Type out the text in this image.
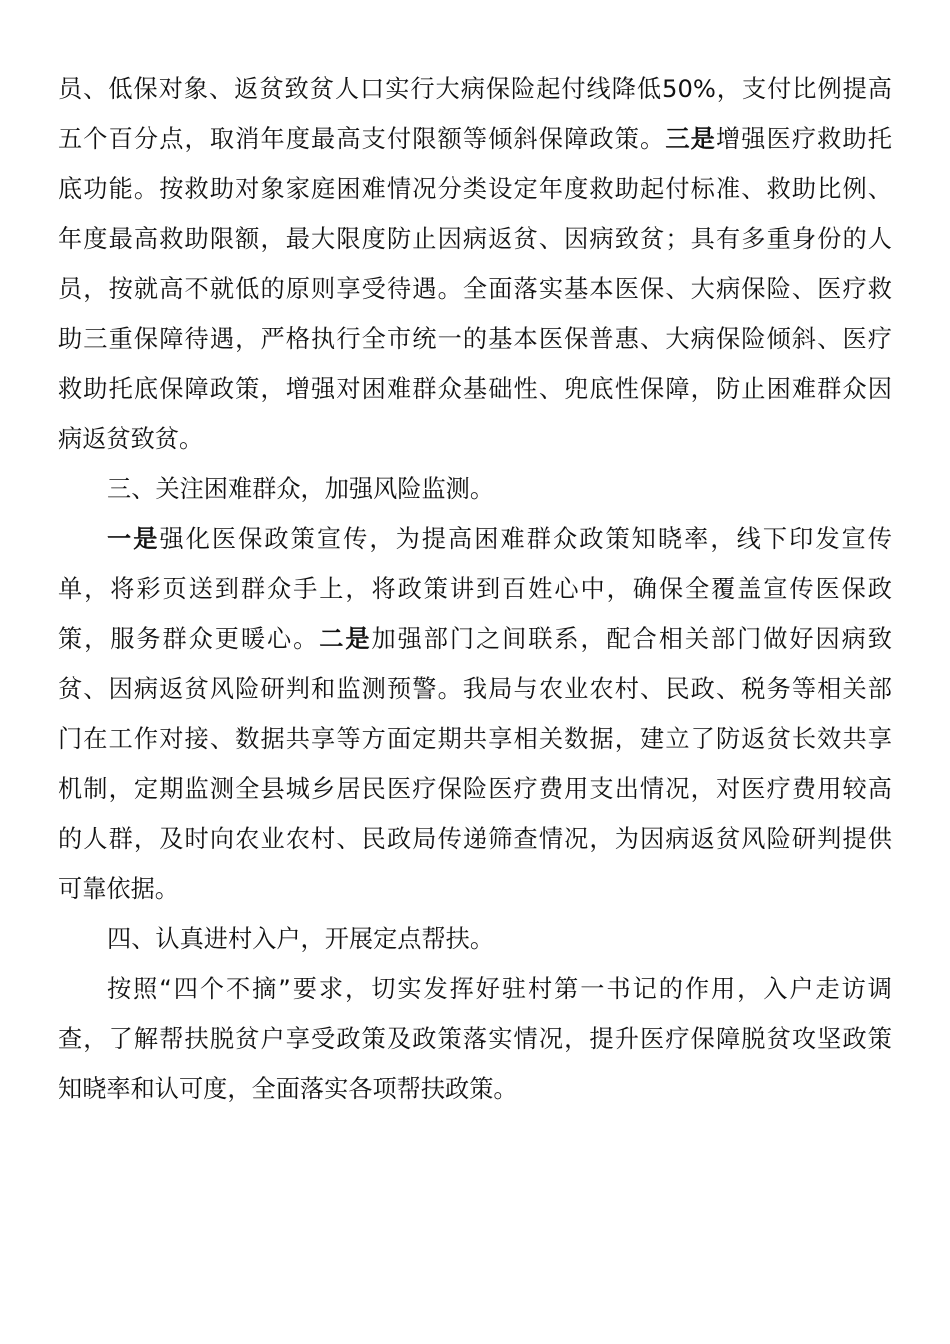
员、低保对象、返贫致贫人口实行大病保险起付线降低50%，支付比例提高
五个百分点，取消年度最高支付限额等倾斜保障政策。三是增强医疗救助托
底功能。按救助对象家庭困难情况分类设定年度救助起付标准、救助比例、
年度最高救助限额，最大限度防止因病返贫、因病致贫；具有多重身份的人
员，按就高不就低的原则享受待遇。全面落实基本医保、大病保险、医疗救
助三重保障待遇，严格执行全市统一的基本医保普惠、大病保险倾斜、医疗
救助托底保障政策，增强对困难群众基础性、兜底性保障，防止困难群众因
病返贫致贫。
三、关注困难群众，加强风险监测。
一是强化医保政策宣传，为提高困难群众政策知晓率，线下印发宣传
单，将彩页送到群众手上，将政策讲到百姓心中，确保全覆盖宣传医保政
策，服务群众更暖心。二是加强部门之间联系，配合相关部门做好因病致
贫、因病返贫风险研判和监测预警。我局与农业农村、民政、税务等相关部
门在工作对接、数据共享等方面定期共享相关数据，建立了防返贫长效共享
机制，定期监测全县城乡居民医疗保险医疗费用支出情况，对医疗费用较高
的人群，及时向农业农村、民政局传递筛查情况，为因病返贫风险研判提供
可靠依据。
四、认真进村入户，开展定点帮扶。
按照“四个不摘”要求，切实发挥好驻村第一书记的作用，入户走访调
查，了解帮扶脱贫户享受政策及政策落实情况，提升医疗保障脱贫攻坚政策
知晓率和认可度，全面落实各项帮扶政策。
